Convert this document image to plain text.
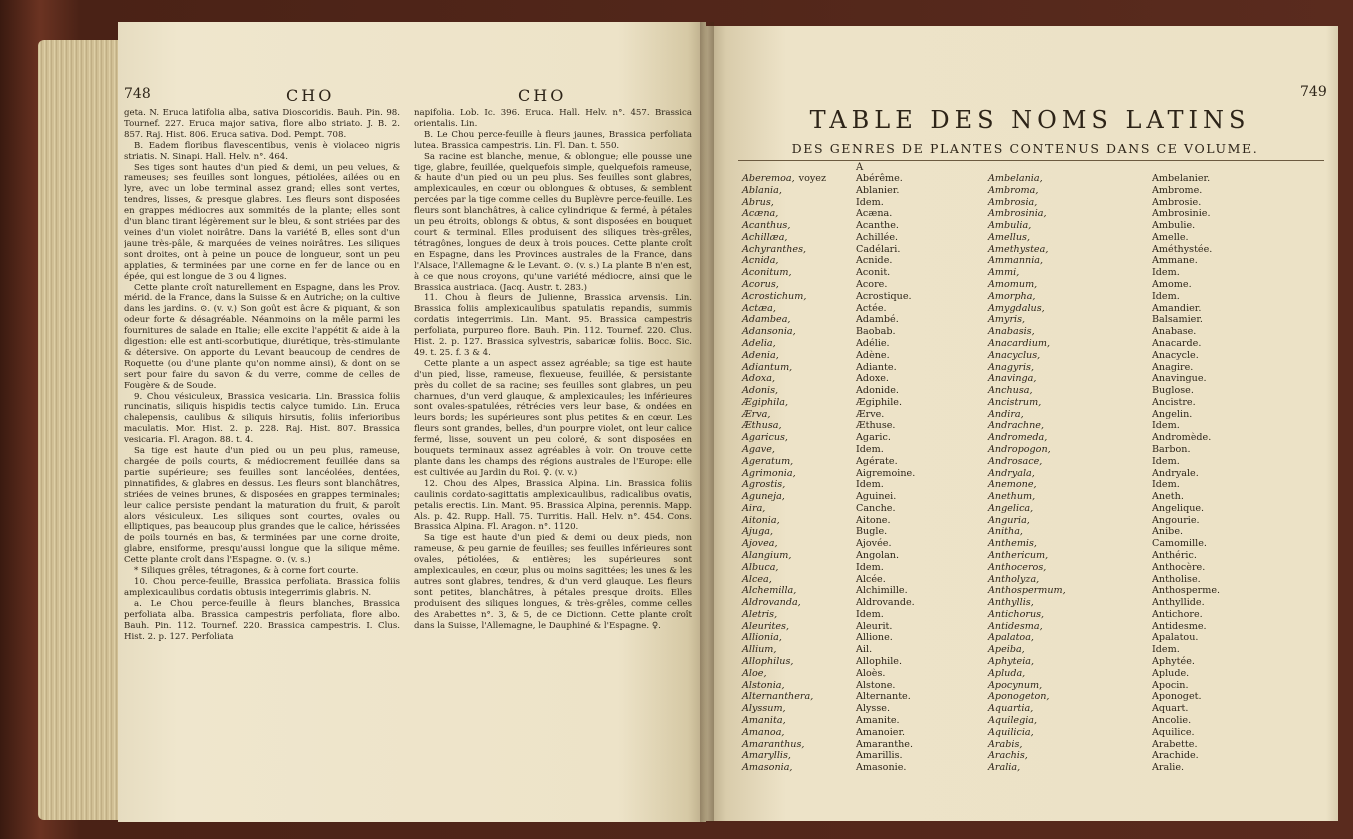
748	CHO	CHO

geta. N. Eruca latifolia alba, sativa Dioscoridis. Bauh. Pin. 98. Tournef. 227. Eruca major sativa, flore albo striato. J. B. 2. 857. Raj. Hist. 806. Eruca sativa. Dod. Pempt. 708.

B. Eadem floribus flavescentibus, venis è violaceo nigris striatis. N. Sinapi. Hall. Helv. n°. 464.

Ses tiges sont hautes d'un pied & demi, un peu velues, & rameuses; ses feuilles sont longues, pétiolées, ailées ou en lyre, avec un lobe terminal assez grand; elles sont vertes, tendres, lisses, & presque glabres. Les fleurs sont disposées en grappes médiocres aux sommités de la plante; elles sont d'un blanc tirant légèrement sur le bleu, & sont striées par des veines d'un violet noirâtre. Dans la variété B, elles sont d'un jaune très-pâle, & marquées de veines noirâtres. Les siliques sont droites, ont à peine un pouce de longueur, sont un peu applaties, & terminées par une corne en fer de lance ou en épée, qui est longue de 3 ou 4 lignes.

Cette plante croît naturellement en Espagne, dans les Prov. mérid. de la France, dans la Suisse & en Autriche; on la cultive dans les jardins. ⊙. (v. v.) Son goût est âcre & piquant, & son odeur forte & désagréable. Néanmoins on la mêle parmi les fournitures de salade en Italie; elle excite l'appétit & aide à la digestion: elle est anti-scorbutique, diurétique, très-stimulante & détersive. On apporte du Levant beaucoup de cendres de Roquette (ou d'une plante qu'on nomme ainsi), & dont on se sert pour faire du savon & du verre, comme de celles de Fougère & de Soude.

9. Chou vésiculeux, Brassica vesicaria. Lin. Brassica foliis runcinatis, siliquis hispidis tectis calyce tumido. Lin. Eruca chalepensis, caulibus & siliquis hirsutis, foliis inferioribus maculatis. Mor. Hist. 2. p. 228. Raj. Hist. 807. Brassica vesicaria. Fl. Aragon. 88. t. 4.

Sa tige est haute d'un pied ou un peu plus, rameuse, chargée de poils courts, & médiocrement feuillée dans sa partie supérieure; ses feuilles sont lancéolées, dentées, pinnatifides, & glabres en dessus. Les fleurs sont blanchâtres, striées de veines brunes, & disposées en grappes terminales; leur calice persiste pendant la maturation du fruit, & paroît alors vésiculeux. Les siliques sont courtes, ovales ou elliptiques, pas beaucoup plus grandes que le calice, hérissées de poils tournés en bas, & terminées par une corne droite, glabre, ensiforme, presqu'aussi longue que la silique même. Cette plante croît dans l'Espagne. ⊙. (v. s.)

* Siliques grêles, tétragones, & à corne fort courte.

10. Chou perce-feuille, Brassica perfoliata. Brassica foliis amplexicaulibus cordatis obtusis integerrimis glabris. N.

a. Le Chou perce-feuille à fleurs blanches, Brassica perfoliata alba. Brassica campestris perfoliata, flore albo. Bauh. Pin. 112. Tournef. 220. Brassica campestris. I. Clus. Hist. 2. p. 127. Perfoliata

napifolia. Lob. Ic. 396. Eruca. Hall. Helv. n°. 457. Brassica orientalis. Lin.

B. Le Chou perce-feuille à fleurs jaunes, Brassica perfoliata lutea. Brassica campestris. Lin. Fl. Dan. t. 550.

Sa racine est blanche, menue, & oblongue; elle pousse une tige, glabre, feuillée, quelquefois simple, quelquefois rameuse, & haute d'un pied ou un peu plus. Ses feuilles sont glabres, amplexicaules, en cœur ou oblongues & obtuses, & semblent percées par la tige comme celles du Buplèvre perce-feuille. Les fleurs sont blanchâtres, à calice cylindrique & fermé, à pétales un peu étroits, oblongs & obtus, & sont disposées en bouquet court & terminal. Elles produisent des siliques très-grêles, tétragônes, longues de deux à trois pouces. Cette plante croît en Espagne, dans les Provinces australes de la France, dans l'Alsace, l'Allemagne & le Levant. ⊙. (v. s.) La plante B n'en est, à ce que nous croyons, qu'une variété médiocre, ainsi que le Brassica austriaca. (Jacq. Austr. t. 283.)

11. Chou à fleurs de Julienne, Brassica arvensis. Lin. Brassica foliis amplexicaulibus spatulatis repandis, summis cordatis integerrimis. Lin. Mant. 95. Brassica campestris perfoliata, purpureo flore. Bauh. Pin. 112. Tournef. 220. Clus. Hist. 2. p. 127. Brassica sylvestris, sabaricæ foliis. Bocc. Sic. 49. t. 25. f. 3 & 4.

Cette plante a un aspect assez agréable; sa tige est haute d'un pied, lisse, rameuse, flexueuse, feuillée, & persistante près du collet de sa racine; ses feuilles sont glabres, un peu charnues, d'un verd glauque, & amplexicaules; les inférieures sont ovales-spatulées, rétrécies vers leur base, & ondées en leurs bords; les supérieures sont plus petites & en cœur. Les fleurs sont grandes, belles, d'un pourpre violet, ont leur calice fermé, lisse, souvent un peu coloré, & sont disposées en bouquets terminaux assez agréables à voir. On trouve cette plante dans les champs des régions australes de l'Europe: elle est cultivée au Jardin du Roi. ♀. (v. v.)

12. Chou des Alpes, Brassica Alpina. Lin. Brassica foliis caulinis cordato-sagittatis amplexicaulibus, radicalibus ovatis, petalis erectis. Lin. Mant. 95. Brassica Alpina, perennis. Mapp. Als. p. 42. Rupp. Hall. 75. Turritis. Hall. Helv. n°. 454. Cons. Brassica Alpina. Fl. Aragon. n°. 1120.

Sa tige est haute d'un pied & demi ou deux pieds, non rameuse, & peu garnie de feuilles; ses feuilles inférieures sont ovales, pétiolées, & entières; les supérieures sont amplexicaules, en cœur, plus ou moins sagittées; les unes & les autres sont glabres, tendres, & d'un verd glauque. Les fleurs sont petites, blanchâtres, à pétales presque droits. Elles produisent des siliques longues, & très-grêles, comme celles des Arabettes n°. 3, & 5, de ce Dictionn. Cette plante croît dans la Suisse, l'Allemagne, le Dauphiné & l'Espagne. ♀.

749
TABLE DES NOMS LATINS
DES GENRES DE PLANTES CONTENUS DANS CE VOLUME.
A
Aberemoa, voyez
Ablania,
Abrus,
Acæna,
Acanthus,
Achillæa,
Achyranthes,
Acnida,
Aconitum,
Acorus,
Acrostichum,
Actæa,
Adambea,
Adansonia,
Adelia,
Adenia,
Adiantum,
Adoxa,
Adonis,
Ægiphila,
Ærva,
Æthusa,
Agaricus,
Agave,
Ageratum,
Agrimonia,
Agrostis,
Aguneja,
Aira,
Aitonia,
Ajuga,
Ajovea,
Alangium,
Albuca,
Alcea,
Alchemilla,
Aldrovanda,
Aletris,
Aleurites,
Allionia,
Allium,
Allophilus,
Aloe,
Alstonia,
Alternanthera,
Alyssum,
Amanita,
Amanoa,
Amaranthus,
Amaryllis,
Amasonia,
Abérême.
Ablanier.
Idem.
Acæna.
Acanthe.
Achillée.
Cadélari.
Acnide.
Aconit.
Acore.
Acrostique.
Actée.
Adambé.
Baobab.
Adélie.
Adène.
Adiante.
Adoxe.
Adonide.
Ægiphile.
Ærve.
Æthuse.
Agaric.
Idem.
Agérate.
Aigremoine.
Idem.
Aguinei.
Canche.
Aitone.
Bugle.
Ajovée.
Angolan.
Idem.
Alcée.
Alchimille.
Aldrovande.
Idem.
Aleurit.
Allione.
Ail.
Allophile.
Aloès.
Alstone.
Alternante.
Alysse.
Amanite.
Amanoier.
Amaranthe.
Amarillis.
Amasonie.
Ambelania,
Ambroma,
Ambrosia,
Ambrosinia,
Ambulia,
Amellus,
Amethystea,
Ammannia,
Ammi,
Amomum,
Amorpha,
Amygdalus,
Amyris,
Anabasis,
Anacardium,
Anacyclus,
Anagyris,
Anavinga,
Anchusa,
Ancistrum,
Andira,
Andrachne,
Andromeda,
Andropogon,
Androsace,
Andryala,
Anemone,
Anethum,
Angelica,
Anguria,
Anitha,
Anthemis,
Anthericum,
Anthoceros,
Antholyza,
Anthospermum,
Anthyllis,
Antichorus,
Antidesma,
Apalatoa,
Apeiba,
Aphyteia,
Apluda,
Apocynum,
Aponogeton,
Aquartia,
Aquilegia,
Aquilicia,
Arabis,
Arachis,
Aralia,
Ambelanier.
Ambrome.
Ambrosie.
Ambrosinie.
Ambulie.
Amelle.
Améthystée.
Ammane.
Idem.
Amome.
Idem.
Amandier.
Balsamier.
Anabase.
Anacarde.
Anacycle.
Anagire.
Anavingue.
Buglose.
Ancistre.
Angelin.
Idem.
Andromède.
Barbon.
Idem.
Andryale.
Idem.
Aneth.
Angelique.
Angourie.
Anibe.
Camomille.
Anthéric.
Anthocère.
Antholise.
Anthosperme.
Anthyllide.
Antichore.
Antidesme.
Apalatou.
Idem.
Aphytée.
Aplude.
Apocin.
Aponoget.
Aquart.
Ancolie.
Aquilice.
Arabette.
Arachide.
Aralie.
